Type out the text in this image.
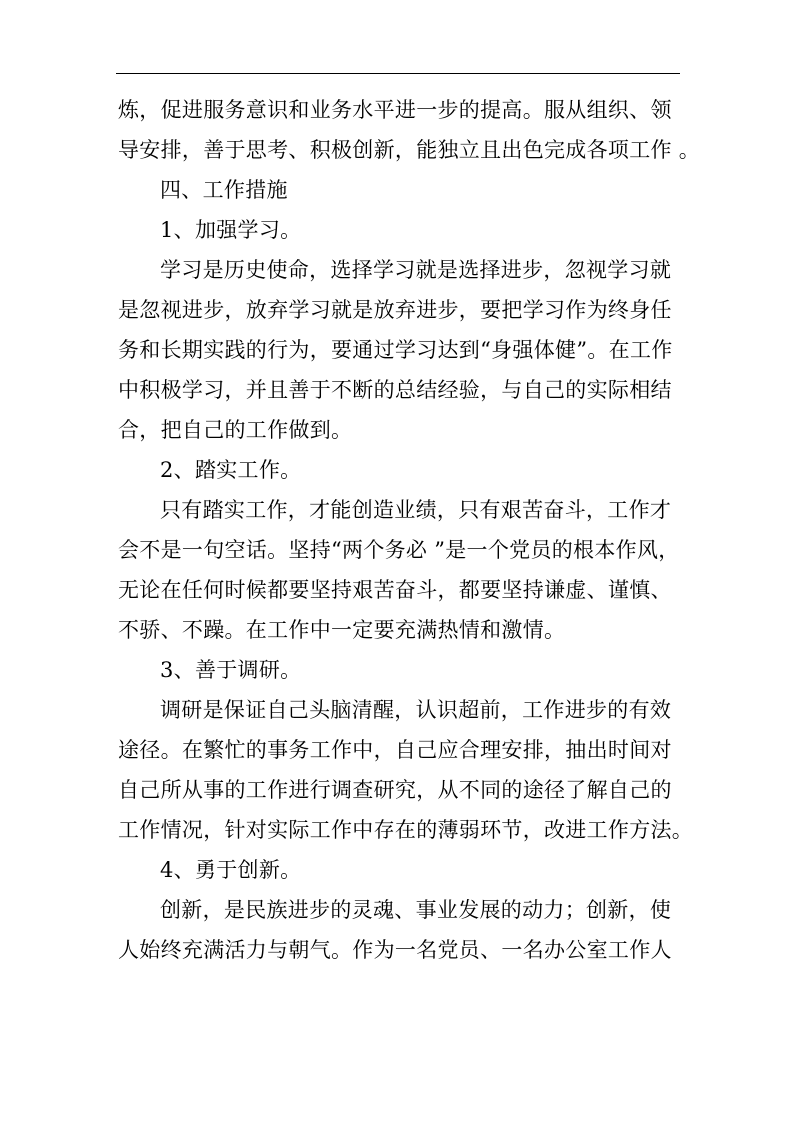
炼，促进服务意识和业务水平进一步的提高。服从组织、领
导安排，善于思考、积极创新，能独立且出色完成各项工作 。
四、工作措施
1、加强学习。
学习是历史使命，选择学习就是选择进步，忽视学习就
是忽视进步，放弃学习就是放弃进步，要把学习作为终身任
务和长期实践的行为，要通过学习达到“身强体健”。在工作
中积极学习，并且善于不断的总结经验，与自己的实际相结
合，把自己的工作做到。
2、踏实工作。
只有踏实工作，才能创造业绩，只有艰苦奋斗，工作才
会不是一句空话。坚持“两个务必 ”是一个党员的根本作风，
无论在任何时候都要坚持艰苦奋斗，都要坚持谦虚、谨慎、
不骄、不躁。在工作中一定要充满热情和激情。
3、善于调研。
调研是保证自己头脑清醒，认识超前，工作进步的有效
途径。在繁忙的事务工作中，自己应合理安排，抽出时间对
自己所从事的工作进行调查研究，从不同的途径了解自己的
工作情况，针对实际工作中存在的薄弱环节，改进工作方法。
4、勇于创新。
创新，是民族进步的灵魂、事业发展的动力；创新，使
人始终充满活力与朝气。作为一名党员、一名办公室工作人
